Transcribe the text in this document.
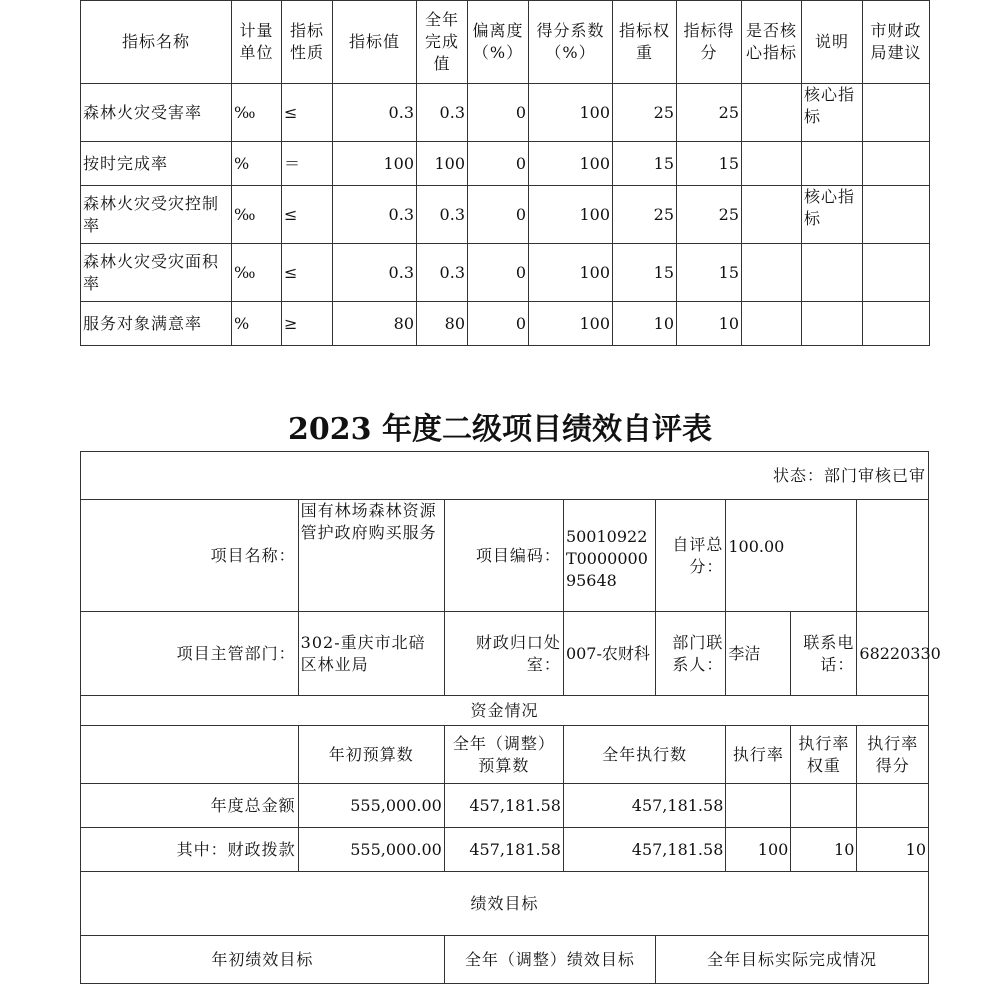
指标名称	计量单位	指标性质	指标值	全年完成值	偏离度（%）	得分系数（%）	指标权重	指标得分	是否核心指标	说明	市财政局建议
森林火灾受害率	‰	≤	0.3	0.3	0	100	25	25		核心指标	
按时完成率	%	＝	100	100	0	100	15	15			
森林火灾受灾控制率	‰	≤	0.3	0.3	0	100	25	25		核心指标	
森林火灾受灾面积率	‰	≤	0.3	0.3	0	100	15	15			
服务对象满意率	%	≥	80	80	0	100	10	10			
2023 年度二级项目绩效自评表
状态：部门审核已审							
项目名称：	国有林场森林资源管护政府购买服务	项目编码：	50010922T000000095648	自评总分：	100.00		
项目主管部门：	302-重庆市北碚区林业局	财政归口处室：	007-农财科	部门联系人：	李洁	联系电话：	68220330
资金情况							
	年初预算数	全年（调整）预算数	全年执行数		执行率	执行率权重	执行率得分
年度总金额	555,000.00	457,181.58	457,181.58				
其中：财政拨款	555,000.00	457,181.58	457,181.58		100	10	10
绩效目标							
年初绩效目标		全年（调整）绩效目标		全年目标实际完成情况			
